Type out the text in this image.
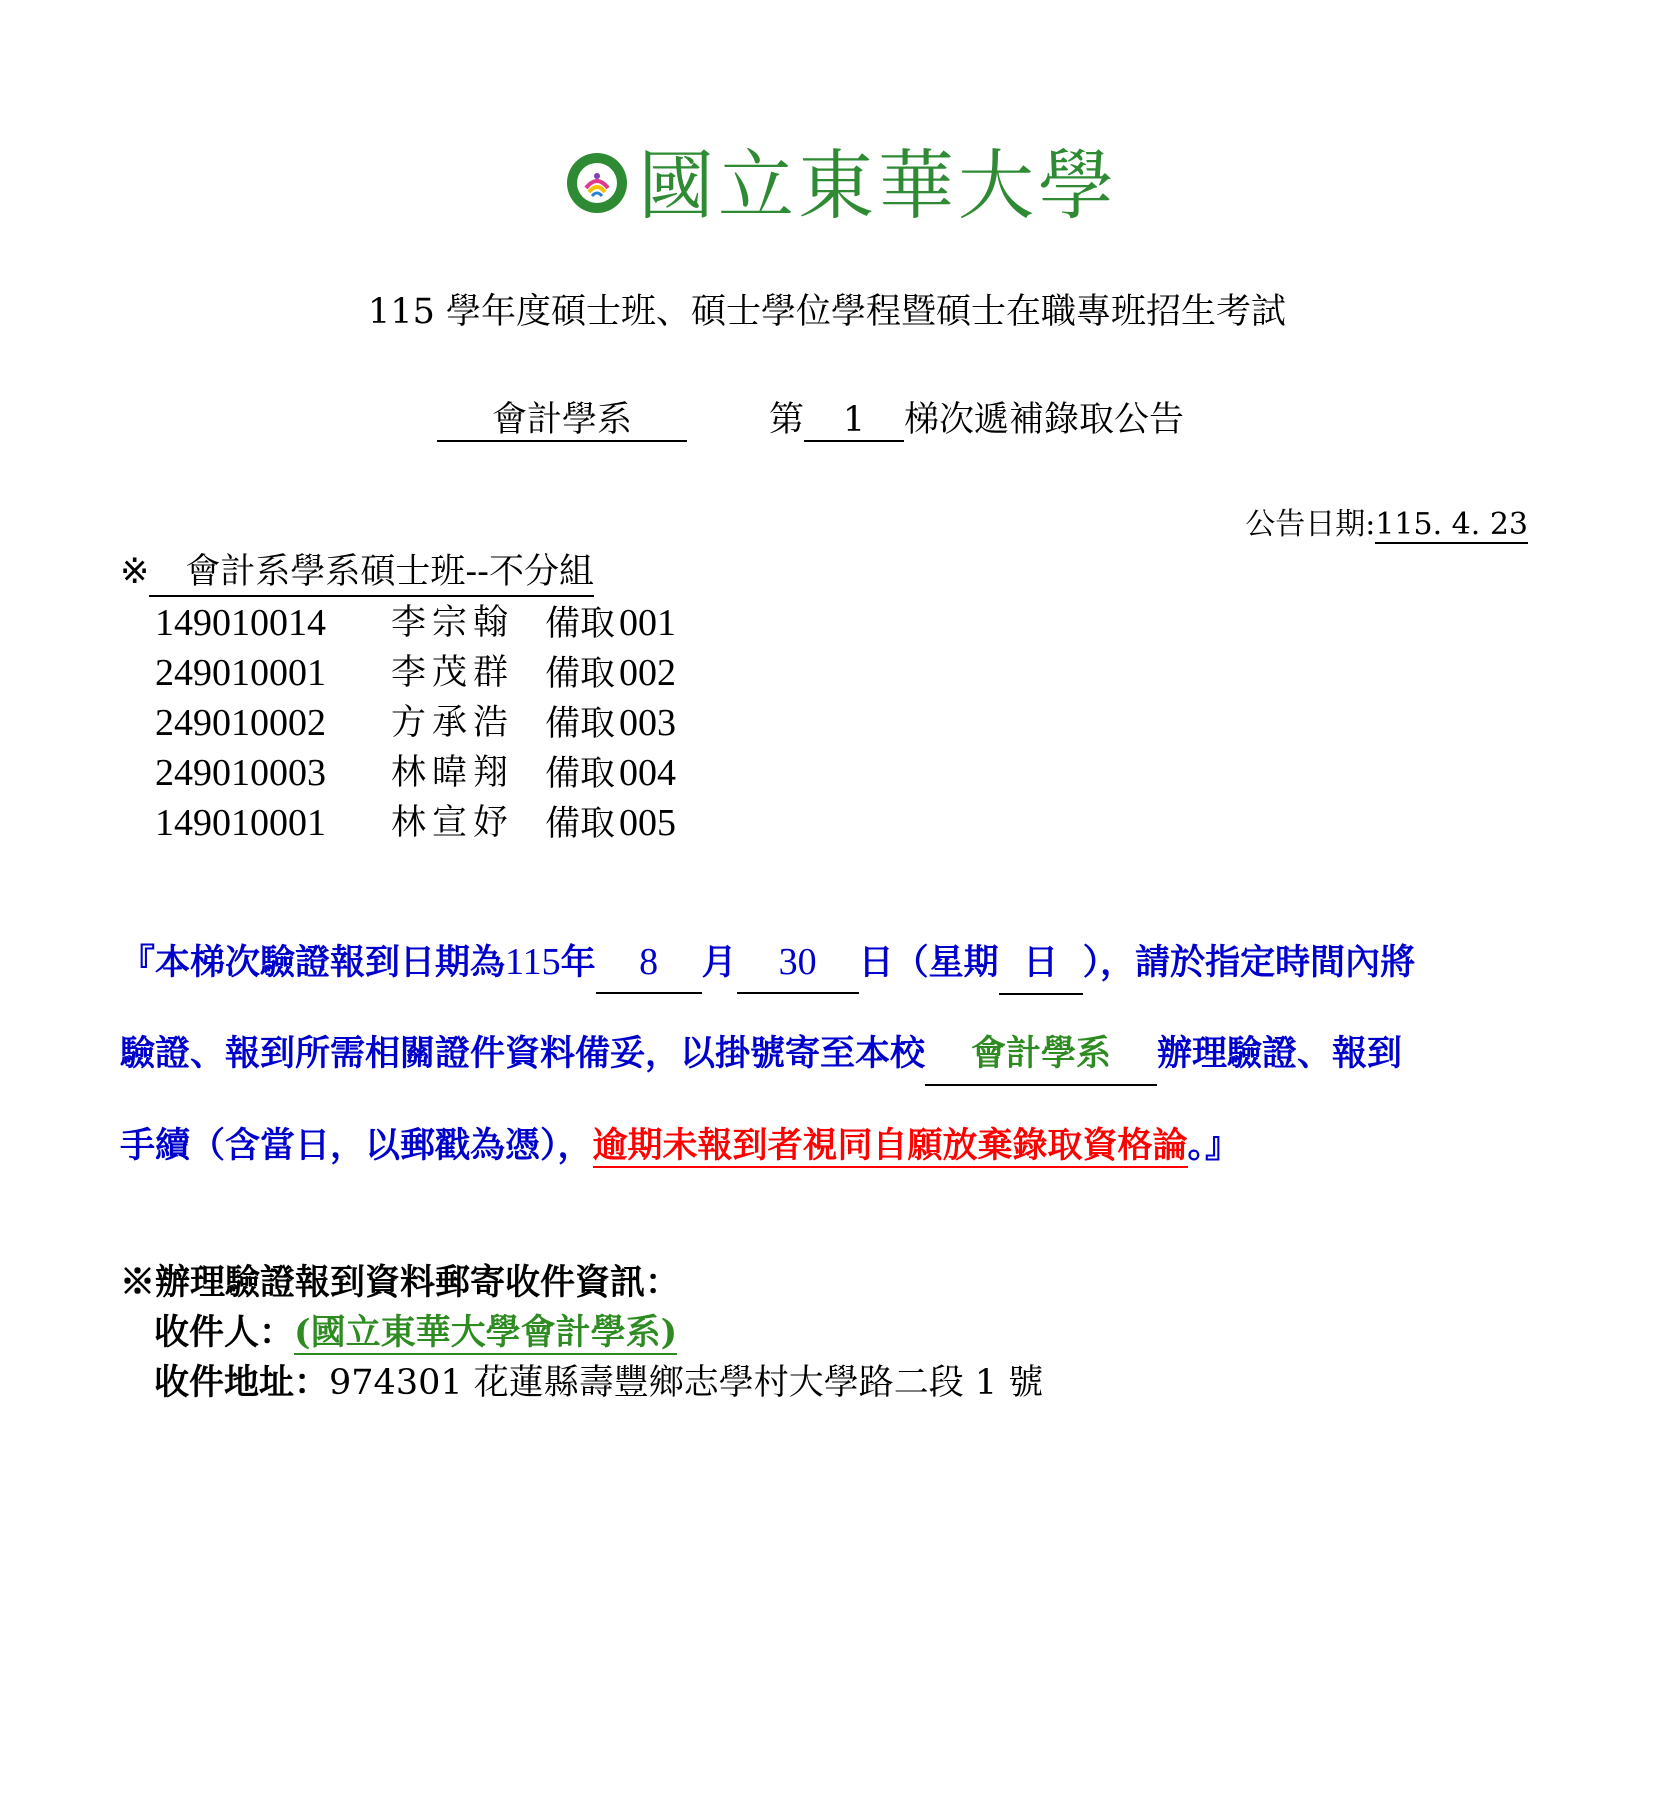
國立東華大學
115 學年度碩士班、碩士學位學程暨碩士在職專班招生考試
會計學系	第 1 梯次遞補錄取公告
公告日期:115. 4. 23
※ 會計系學系碩士班--不分組
149010014 李宗翰 備取 001
249010001 李茂群 備取 002
249010002 方承浩 備取 003
249010003 林暐翔 備取 004
149010001 林宣妤 備取 005
『本梯次驗證報到日期為115年 8 月 30 日（星期 日 ），請於指定時間內將
驗證、報到所需相關證件資料備妥，以掛號寄至本校 會計學系 辦理驗證、報到
手續（含當日，以郵戳為憑），逾期未報到者視同自願放棄錄取資格論。』
※辦理驗證報到資料郵寄收件資訊：
收件人：(國立東華大學會計學系)
收件地址：974301 花蓮縣壽豐鄉志學村大學路二段 1 號
